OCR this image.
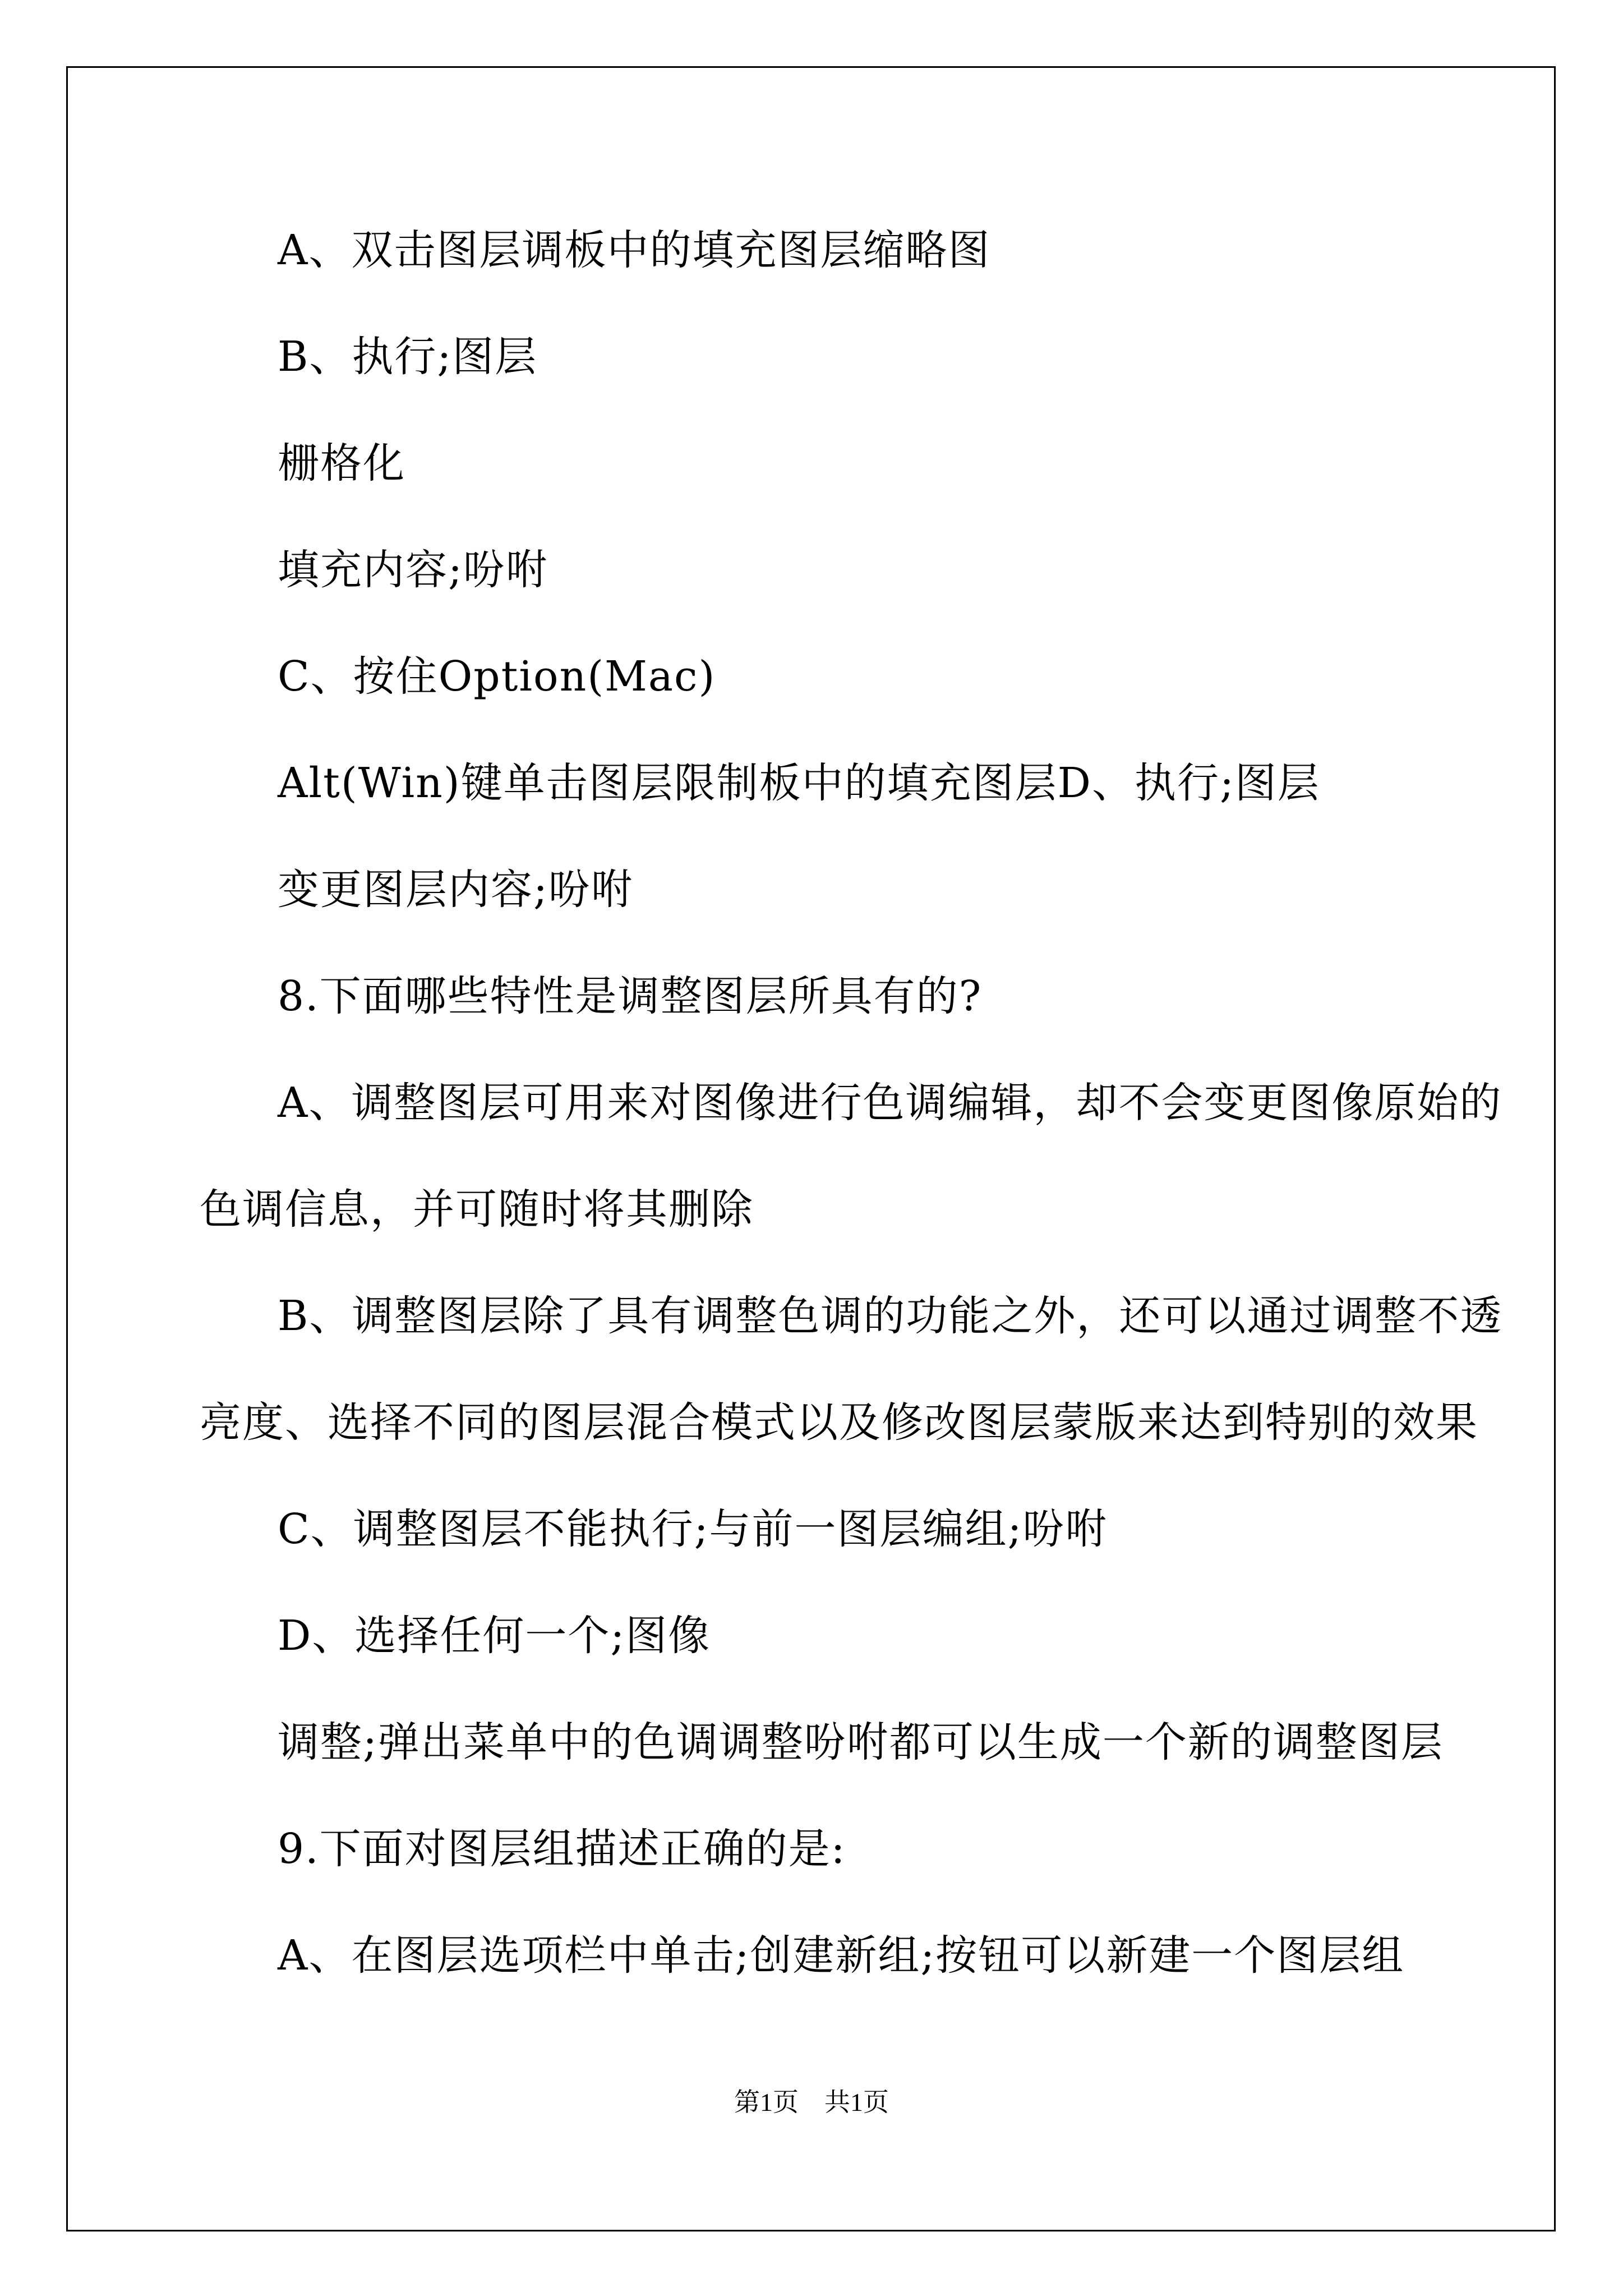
A、双击图层调板中的填充图层缩略图

B、执行;图层

栅格化

填充内容;吩咐

C、按住Option(Mac)

Alt(Win)键单击图层限制板中的填充图层D、执行;图层

变更图层内容;吩咐

8.下面哪些特性是调整图层所具有的?

A、调整图层可用来对图像进行色调编辑，却不会变更图像原始的

色调信息，并可随时将其删除

B、调整图层除了具有调整色调的功能之外，还可以通过调整不透

亮度、选择不同的图层混合模式以及修改图层蒙版来达到特别的效果

C、调整图层不能执行;与前一图层编组;吩咐

D、选择任何一个;图像

调整;弹出菜单中的色调调整吩咐都可以生成一个新的调整图层

9.下面对图层组描述正确的是:

A、在图层选项栏中单击;创建新组;按钮可以新建一个图层组

第1页　共1页
